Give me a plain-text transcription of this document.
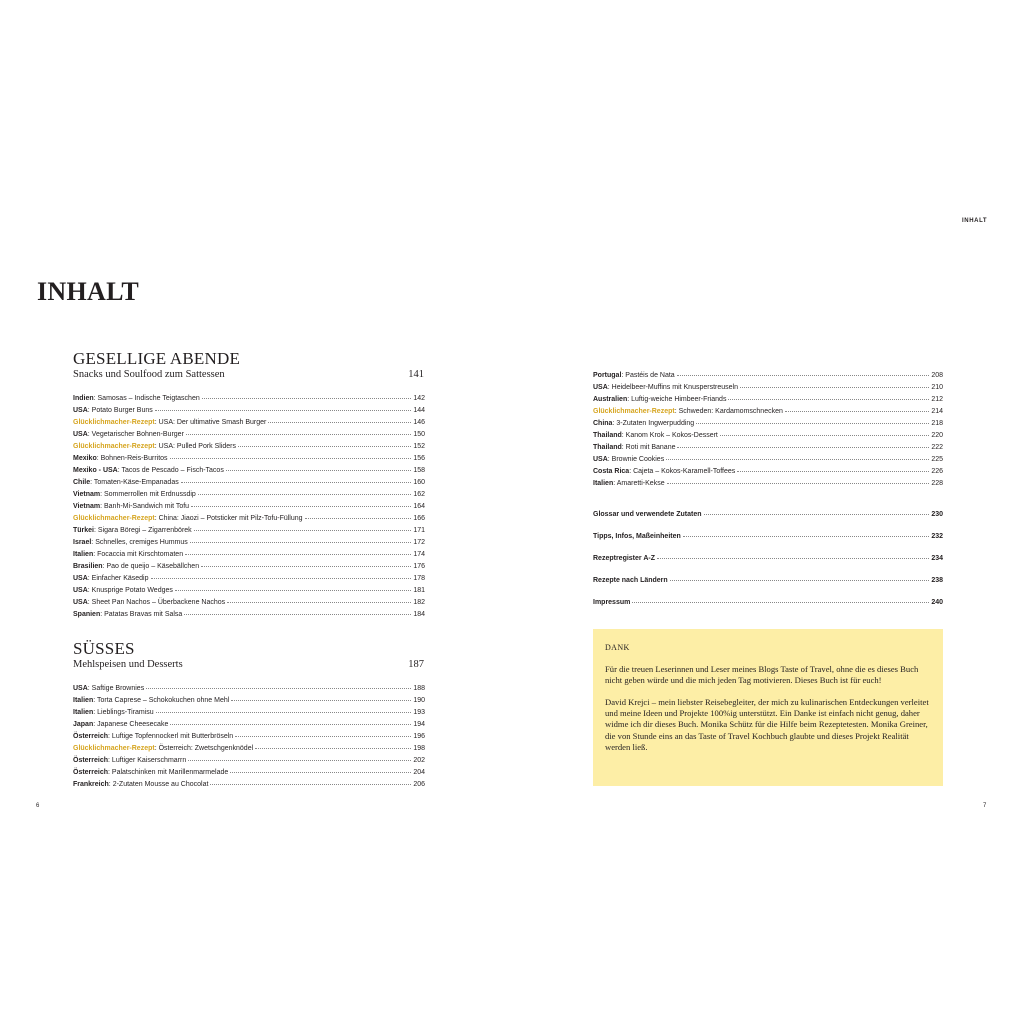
INHALT
INHALT
GESELLIGE ABENDE
Snacks und Soulfood zum Sattessen	141
Indien: Samosas – Indische Teigtaschen	142
USA: Potato Burger Buns	144
Glücklichmacher-Rezept: USA: Der ultimative Smash Burger	146
USA: Vegetarischer Bohnen-Burger	150
Glücklichmacher-Rezept: USA: Pulled Pork Sliders	152
Mexiko: Bohnen-Reis-Burritos	156
Mexiko - USA: Tacos de Pescado – Fisch-Tacos	158
Chile: Tomaten-Käse-Empanadas	160
Vietnam: Sommerrollen mit Erdnussdip	162
Vietnam: Banh-Mi-Sandwich mit Tofu	164
Glücklichmacher-Rezept: China: Jiaozi – Potsticker mit Pilz-Tofu-Füllung	166
Türkei: Sigara Böregi – Zigarrenbörek	171
Israel: Schnelles, cremiges Hummus	172
Italien: Focaccia mit Kirschtomaten	174
Brasilien: Pao de queijo – Käsebällchen	176
USA: Einfacher Käsedip	178
USA: Knusprige Potato Wedges	181
USA: Sheet Pan Nachos – Überbackene Nachos	182
Spanien: Patatas Bravas mit Salsa	184
SÜSSES
Mehlspeisen und Desserts	187
USA: Saftige Brownies	188
Italien: Torta Caprese – Schokokuchen ohne Mehl	190
Italien: Lieblings-Tiramisu	193
Japan: Japanese Cheesecake	194
Österreich: Luftige Topfennockerl mit Butterbröseln	196
Glücklichmacher-Rezept: Österreich: Zwetschgenknödel	198
Österreich: Luftiger Kaiserschmarrn	202
Österreich: Palatschinken mit Marillenmarmelade	204
Frankreich: 2-Zutaten Mousse au Chocolat	206
Portugal: Pastéis de Nata	208
USA: Heidelbeer-Muffins mit Knusperstreuseln	210
Australien: Luftig-weiche Himbeer-Friands	212
Glücklichmacher-Rezept: Schweden: Kardamomschnecken	214
China: 3-Zutaten Ingwerpudding	218
Thailand: Kanom Krok – Kokos-Dessert	220
Thailand: Roti mit Banane	222
USA: Brownie Cookies	225
Costa Rica: Cajeta – Kokos-Karamell-Toffees	226
Italien: Amaretti-Kekse	228
Glossar und verwendete Zutaten	230
Tipps, Infos, Maßeinheiten	232
Rezeptregister A-Z	234
Rezepte nach Ländern	238
Impressum	240
DANK

Für die treuen Leserinnen und Leser meines Blogs Taste of Travel, ohne die es dieses Buch nicht geben würde und die mich jeden Tag motivieren. Dieses Buch ist für euch!

David Krejci – mein liebster Reisebegleiter, der mich zu kulinarischen Entdeckungen verleitet und meine Ideen und Projekte 100%ig unterstützt. Ein Danke ist einfach nicht genug, daher widme ich dir dieses Buch. Monika Schütz für die Hilfe beim Rezeptetesten. Monika Greiner, die von Stunde eins an das Taste of Travel Kochbuch glaubte und dieses Projekt Realität werden ließ.

6	7
